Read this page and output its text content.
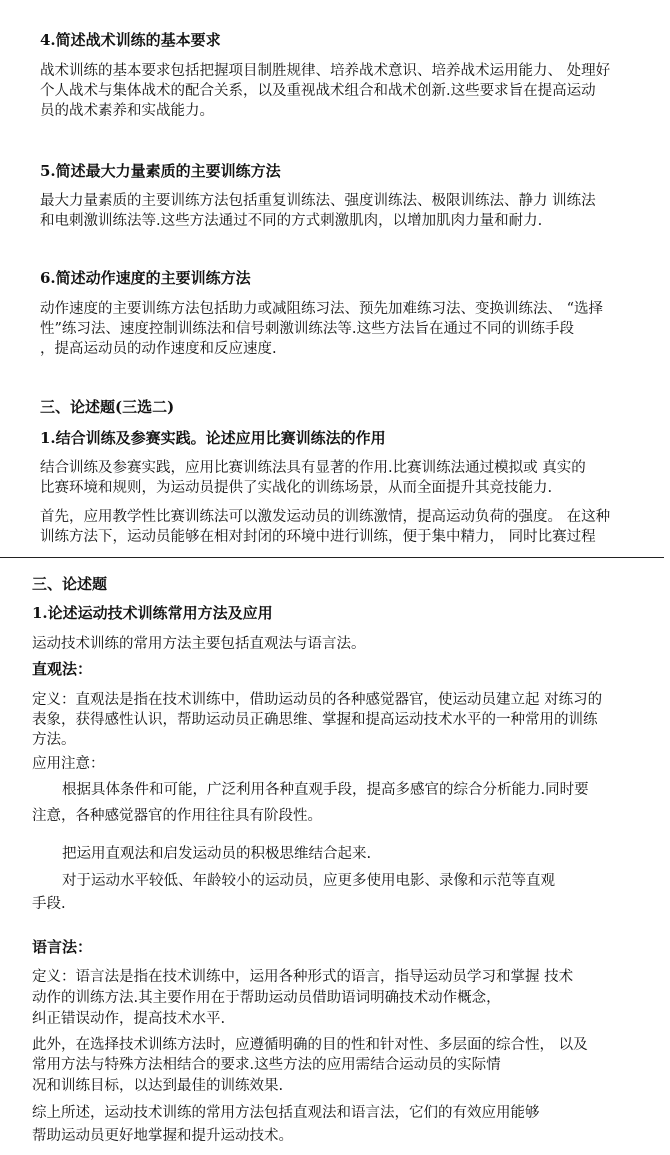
4.简述战术训练的基本要求
战术训练的基本要求包括把握项目制胜规律、培养战术意识、培养战术运用能力、 处理好
个人战术与集体战术的配合关系，以及重视战术组合和战术创新.这些要求旨在提高运动
员的战术素养和实战能力。
5.简述最大力量素质的主要训练方法
最大力量素质的主要训练方法包括重复训练法、强度训练法、极限训练法、静力 训练法
和电刺激训练法等.这些方法通过不同的方式刺激肌肉，以增加肌肉力量和耐力.
6.简述动作速度的主要训练方法
动作速度的主要训练方法包括助力或减阻练习法、预先加难练习法、变换训练法、 “选择
性”练习法、速度控制训练法和信号刺激训练法等.这些方法旨在通过不同的训练手段
，提高运动员的动作速度和反应速度.
三、论述题(三选二)
1.结合训练及参赛实践。论述应用比赛训练法的作用
结合训练及参赛实践，应用比赛训练法具有显著的作用.比赛训练法通过模拟或 真实的
比赛环境和规则，为运动员提供了实战化的训练场景，从而全面提升其竞技能力.
首先，应用教学性比赛训练法可以激发运动员的训练激情，提高运动负荷的强度。 在这种
训练方法下，运动员能够在相对封闭的环境中进行训练，便于集中精力， 同时比赛过程
三、论述题
1.论述运动技术训练常用方法及应用
运动技术训练的常用方法主要包括直观法与语言法。
直观法：
定义：直观法是指在技术训练中，借助运动员的各种感觉器官，使运动员建立起 对练习的
表象，获得感性认识，帮助运动员正确思维、掌握和提高运动技术水平的一种常用的训练
方法。
应用注意：
根据具体条件和可能，广泛利用各种直观手段，提高多感官的综合分析能力.同时要
注意，各种感觉器官的作用往往具有阶段性。
把运用直观法和启发运动员的积极思维结合起来.
对于运动水平较低、年龄较小的运动员，应更多使用电影、录像和示范等直观
手段.
语言法：
定义：语言法是指在技术训练中，运用各种形式的语言，指导运动员学习和掌握 技术
动作的训练方法.其主要作用在于帮助运动员借助语词明确技术动作概念，
纠正错误动作，提高技术水平.
此外，在选择技术训练方法时，应遵循明确的目的性和针对性、多层面的综合性， 以及
常用方法与特殊方法相结合的要求.这些方法的应用需结合运动员的实际情
况和训练目标，以达到最佳的训练效果.
综上所述，运动技术训练的常用方法包括直观法和语言法，它们的有效应用能够
帮助运动员更好地掌握和提升运动技术。
